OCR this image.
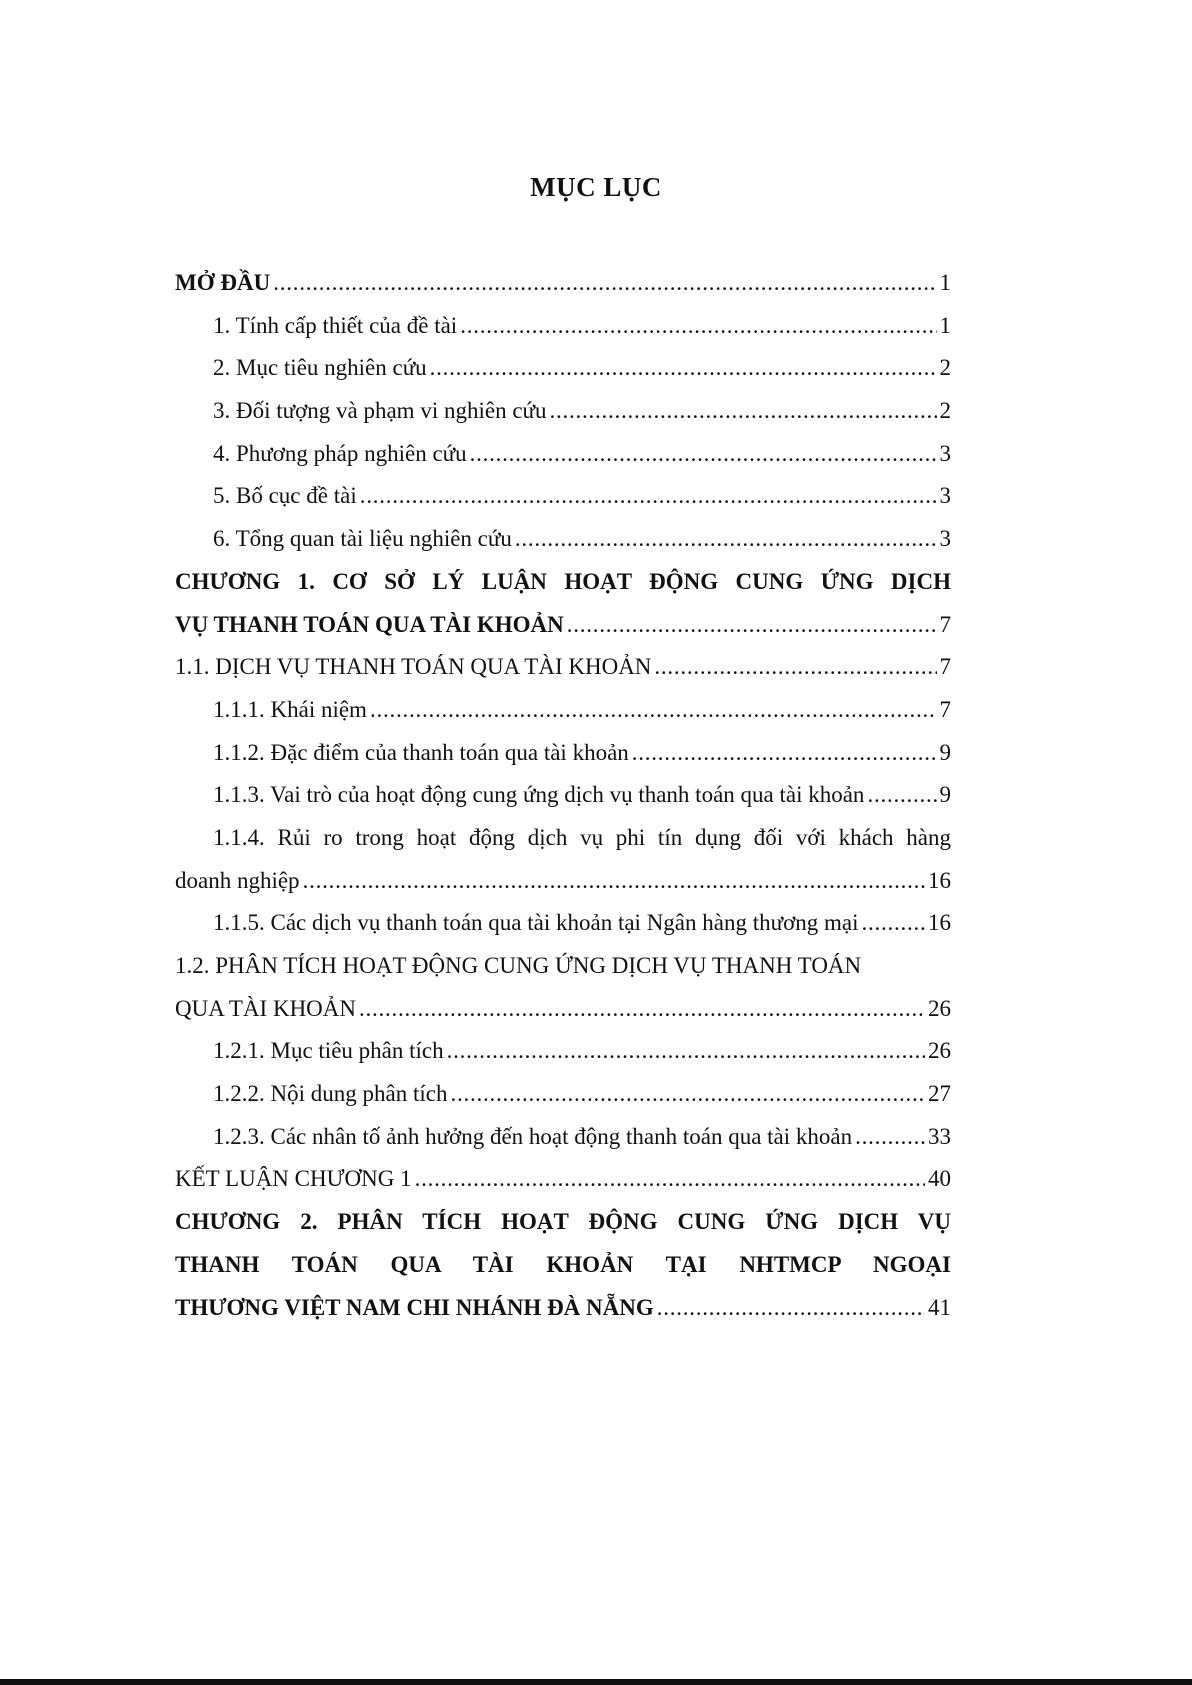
MỤC LỤC
MỞ ĐẦU . . .	1
1. Tính cấp thiết của đề tài . . .	1
2. Mục tiêu nghiên cứu . . .	2
3. Đối tượng và phạm vi nghiên cứu . . .	2
4. Phương pháp nghiên cứu . . .	3
5. Bố cục đề tài . . .	3
6. Tổng quan tài liệu nghiên cứu . . .	3
CHƯƠNG 1. CƠ SỞ LÝ LUẬN HOẠT ĐỘNG CUNG ỨNG DỊCH
VỤ THANH TOÁN QUA TÀI KHOẢN . . .	7
1.1. DỊCH VỤ THANH TOÁN QUA TÀI KHOẢN . . .	7
1.1.1. Khái niệm . . .	7
1.1.2. Đặc điểm của thanh toán qua tài khoản . . .	9
1.1.3. Vai trò của hoạt động cung ứng dịch vụ thanh toán qua tài khoản . . .	9
1.1.4. Rủi ro trong hoạt động dịch vụ phi tín dụng đối với khách hàng
doanh nghiệp . . .	16
1.1.5. Các dịch vụ thanh toán qua tài khoản tại Ngân hàng thương mại . . .	16
1.2. PHÂN TÍCH HOẠT ĐỘNG CUNG ỨNG DỊCH VỤ THANH TOÁN
QUA TÀI KHOẢN . . .	26
1.2.1. Mục tiêu phân tích . . .	26
1.2.2. Nội dung phân tích . . .	27
1.2.3. Các nhân tố ảnh hưởng đến hoạt động thanh toán qua tài khoản . . .	33
KẾT LUẬN CHƯƠNG 1 . . .	40
CHƯƠNG 2. PHÂN TÍCH HOẠT ĐỘNG CUNG ỨNG DỊCH VỤ
THANH TOÁN QUA TÀI KHOẢN TẠI NHTMCP NGOẠI
THƯƠNG VIỆT NAM CHI NHÁNH ĐÀ NẴNG . . .	41
